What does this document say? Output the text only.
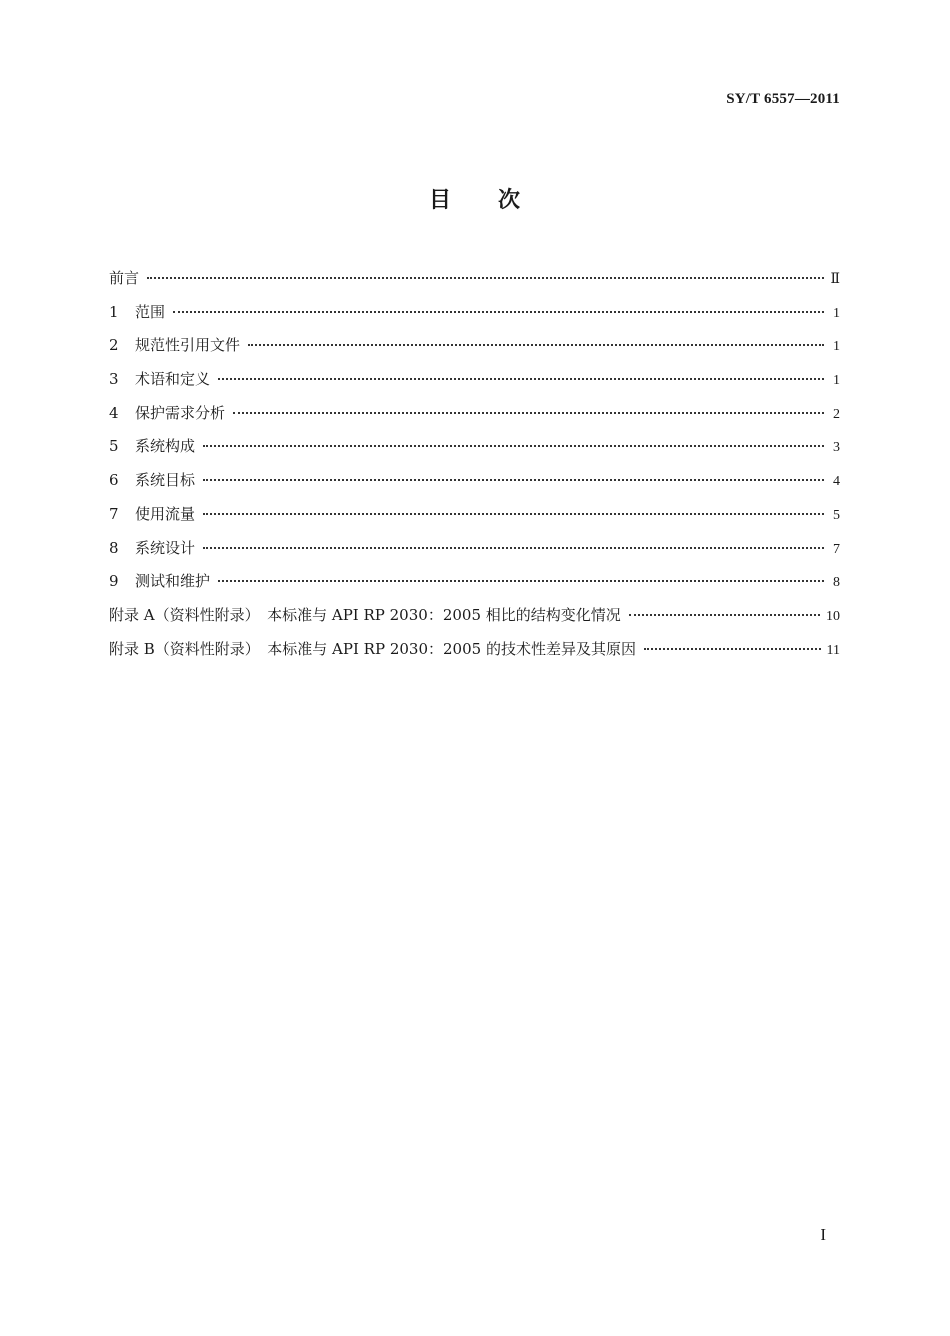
SY/T 6557—2011
目　　次
前言	Ⅱ
1	范围	1
2	规范性引用文件	1
3	术语和定义	1
4	保护需求分析	2
5	系统构成	3
6	系统目标	4
7	使用流量	5
8	系统设计	7
9	测试和维护	8
附录 A（资料性附录）　本标准与 API RP 2030：2005 相比的结构变化情况	10
附录 B（资料性附录）　本标准与 API RP 2030：2005 的技术性差异及其原因	11
I
